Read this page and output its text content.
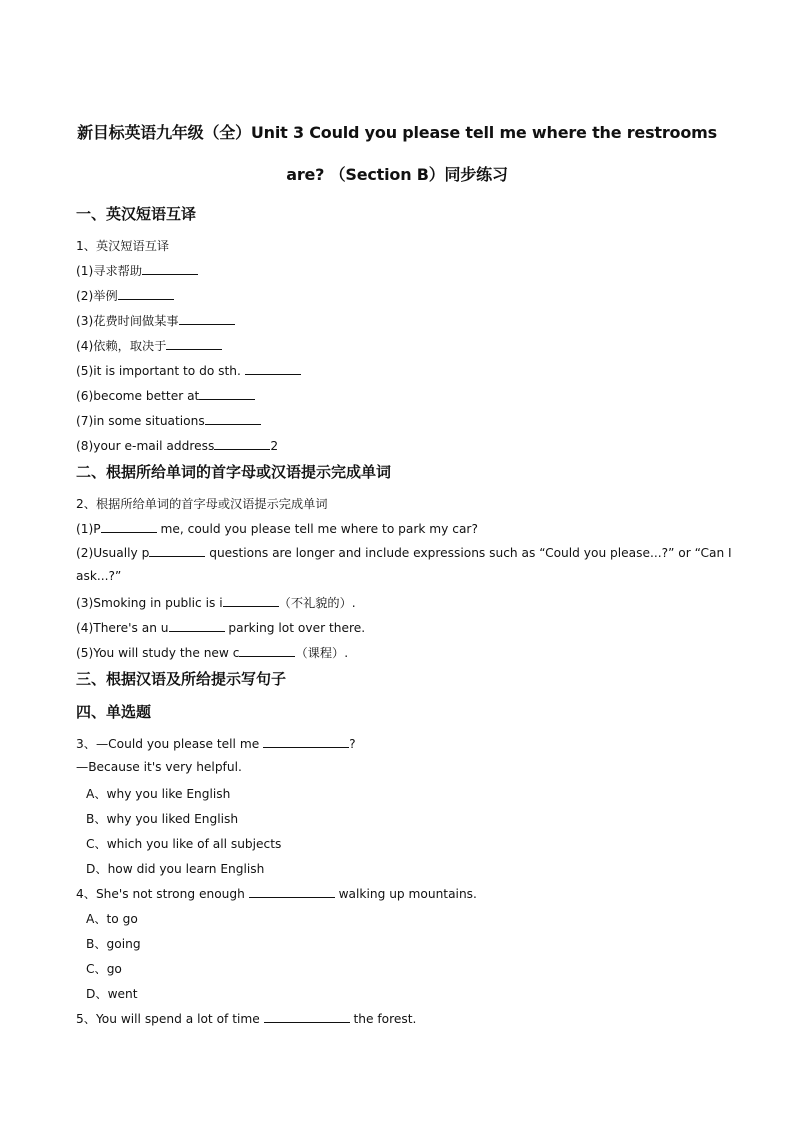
新目标英语九年级（全）Unit 3 Could you please tell me where the restrooms
are? （Section B）同步练习
一、英汉短语互译
1、英汉短语互译
(1)寻求帮助
(2)举例
(3)花费时间做某事
(4)依赖，取决于
(5)it is important to do sth.
(6)become better at
(7)in some situations
(8)your e-mail address	2
二、根据所给单词的首字母或汉语提示完成单词
2、根据所给单词的首字母或汉语提示完成单词
(1)P	me, could you please tell me where to park my car?
(2)Usually p	questions are longer and include expressions such as “Could you please...?” or “Can I
ask...?”
(3)Smoking in public is i	（不礼貌的）.
(4)There's an u	parking lot over there.
(5)You will study the new c	（课程）.
三、根据汉语及所给提示写句子
四、单选题
3、—Could you please tell me	?
—Because it's very helpful.
A、why you like English
B、why you liked English
C、which you like of all subjects
D、how did you learn English
4、She's not strong enough	walking up mountains.
A、to go
B、going
C、go
D、went
5、You will spend a lot of time	the forest.
